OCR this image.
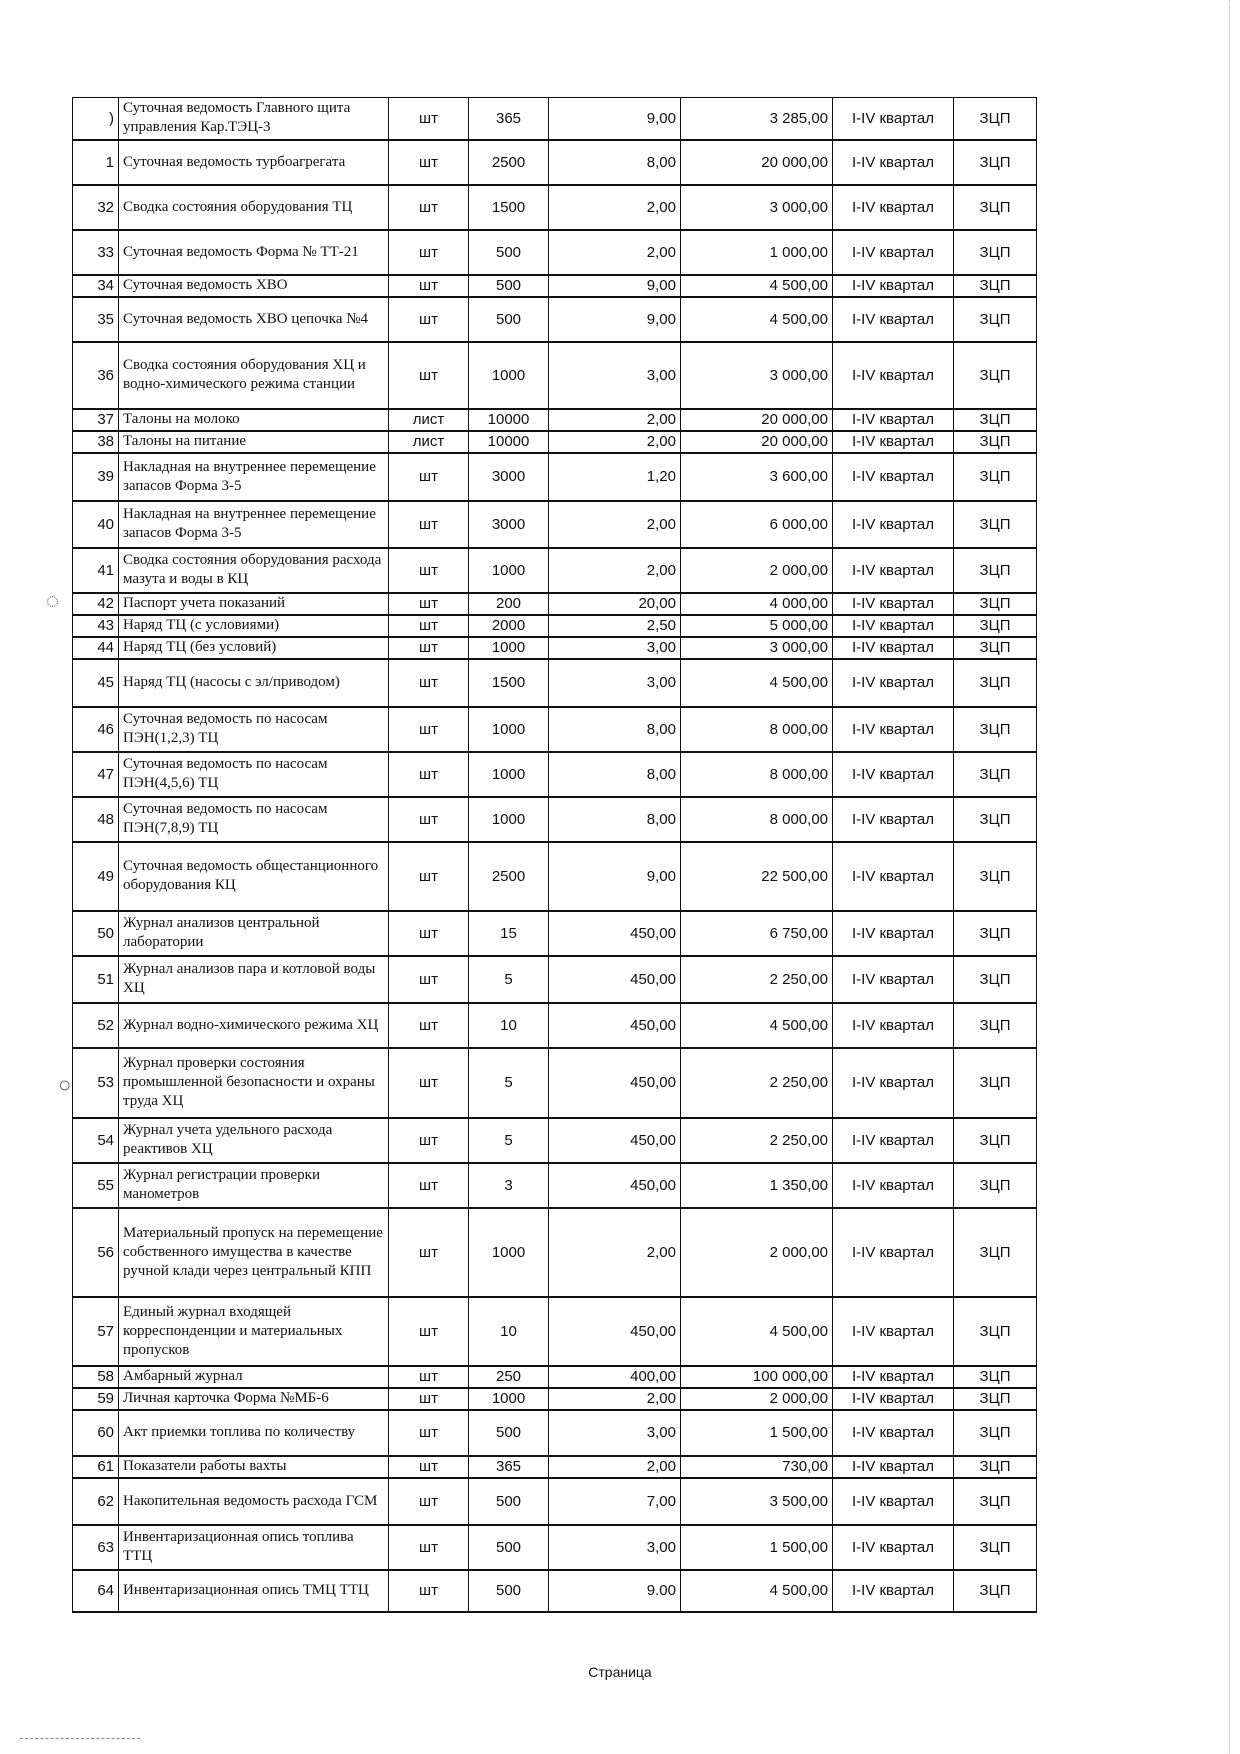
◌
○
)	Суточная ведомость Главного щита управления Кар.ТЭЦ-3	шт	365	9,00	3 285,00	I-IV квартал	ЗЦП
1	Суточная ведомость турбоагрегата	шт	2500	8,00	20 000,00	I-IV квартал	ЗЦП
32	Сводка состояния оборудования ТЦ	шт	1500	2,00	3 000,00	I-IV квартал	ЗЦП
33	Суточная ведомость Форма № ТТ-21	шт	500	2,00	1 000,00	I-IV квартал	ЗЦП
34	Суточная ведомость ХВО	шт	500	9,00	4 500,00	I-IV квартал	ЗЦП
35	Суточная ведомость ХВО цепочка №4	шт	500	9,00	4 500,00	I-IV квартал	ЗЦП
36	Сводка состояния оборудования ХЦ и водно-химического режима станции	шт	1000	3,00	3 000,00	I-IV квартал	ЗЦП
37	Талоны на молоко	лист	10000	2,00	20 000,00	I-IV квартал	ЗЦП
38	Талоны на питание	лист	10000	2,00	20 000,00	I-IV квартал	ЗЦП
39	Накладная на внутреннее перемещение запасов Форма 3-5	шт	3000	1,20	3 600,00	I-IV квартал	ЗЦП
40	Накладная на внутреннее перемещение запасов Форма 3-5	шт	3000	2,00	6 000,00	I-IV квартал	ЗЦП
41	Сводка состояния оборудования расхода мазута и воды в КЦ	шт	1000	2,00	2 000,00	I-IV квартал	ЗЦП
42	Паспорт учета показаний	шт	200	20,00	4 000,00	I-IV квартал	ЗЦП
43	Наряд ТЦ (с условиями)	шт	2000	2,50	5 000,00	I-IV квартал	ЗЦП
44	Наряд ТЦ (без условий)	шт	1000	3,00	3 000,00	I-IV квартал	ЗЦП
45	Наряд ТЦ (насосы с эл/приводом)	шт	1500	3,00	4 500,00	I-IV квартал	ЗЦП
46	Суточная ведомость по насосам ПЭН(1,2,3) ТЦ	шт	1000	8,00	8 000,00	I-IV квартал	ЗЦП
47	Суточная ведомость по насосам ПЭН(4,5,6) ТЦ	шт	1000	8,00	8 000,00	I-IV квартал	ЗЦП
48	Суточная ведомость по насосам ПЭН(7,8,9) ТЦ	шт	1000	8,00	8 000,00	I-IV квартал	ЗЦП
49	Суточная ведомость общестанционного оборудования КЦ	шт	2500	9,00	22 500,00	I-IV квартал	ЗЦП
50	Журнал анализов центральной лаборатории	шт	15	450,00	6 750,00	I-IV квартал	ЗЦП
51	Журнал анализов пара и котловой воды ХЦ	шт	5	450,00	2 250,00	I-IV квартал	ЗЦП
52	Журнал водно-химического режима ХЦ	шт	10	450,00	4 500,00	I-IV квартал	ЗЦП
53	Журнал проверки состояния промышленной безопасности и охраны труда ХЦ	шт	5	450,00	2 250,00	I-IV квартал	ЗЦП
54	Журнал учета удельного расхода реактивов ХЦ	шт	5	450,00	2 250,00	I-IV квартал	ЗЦП
55	Журнал регистрации проверки манометров	шт	3	450,00	1 350,00	I-IV квартал	ЗЦП
56	Материальный пропуск на перемещение собственного имущества в качестве ручной клади через центральный КПП	шт	1000	2,00	2 000,00	I-IV квартал	ЗЦП
57	Единый журнал входящей корреспонденции и материальных пропусков	шт	10	450,00	4 500,00	I-IV квартал	ЗЦП
58	Амбарный журнал	шт	250	400,00	100 000,00	I-IV квартал	ЗЦП
59	Личная карточка Форма №МБ-6	шт	1000	2,00	2 000,00	I-IV квартал	ЗЦП
60	Акт приемки топлива по количеству	шт	500	3,00	1 500,00	I-IV квартал	ЗЦП
61	Показатели работы вахты	шт	365	2,00	730,00	I-IV квартал	ЗЦП
62	Накопительная ведомость расхода ГСМ	шт	500	7,00	3 500,00	I-IV квартал	ЗЦП
63	Инвентаризационная опись топлива ТТЦ	шт	500	3,00	1 500,00	I-IV квартал	ЗЦП
64	Инвентаризационная опись ТМЦ ТТЦ	шт	500	9.00	4 500,00	I-IV квартал	ЗЦП
Страница
